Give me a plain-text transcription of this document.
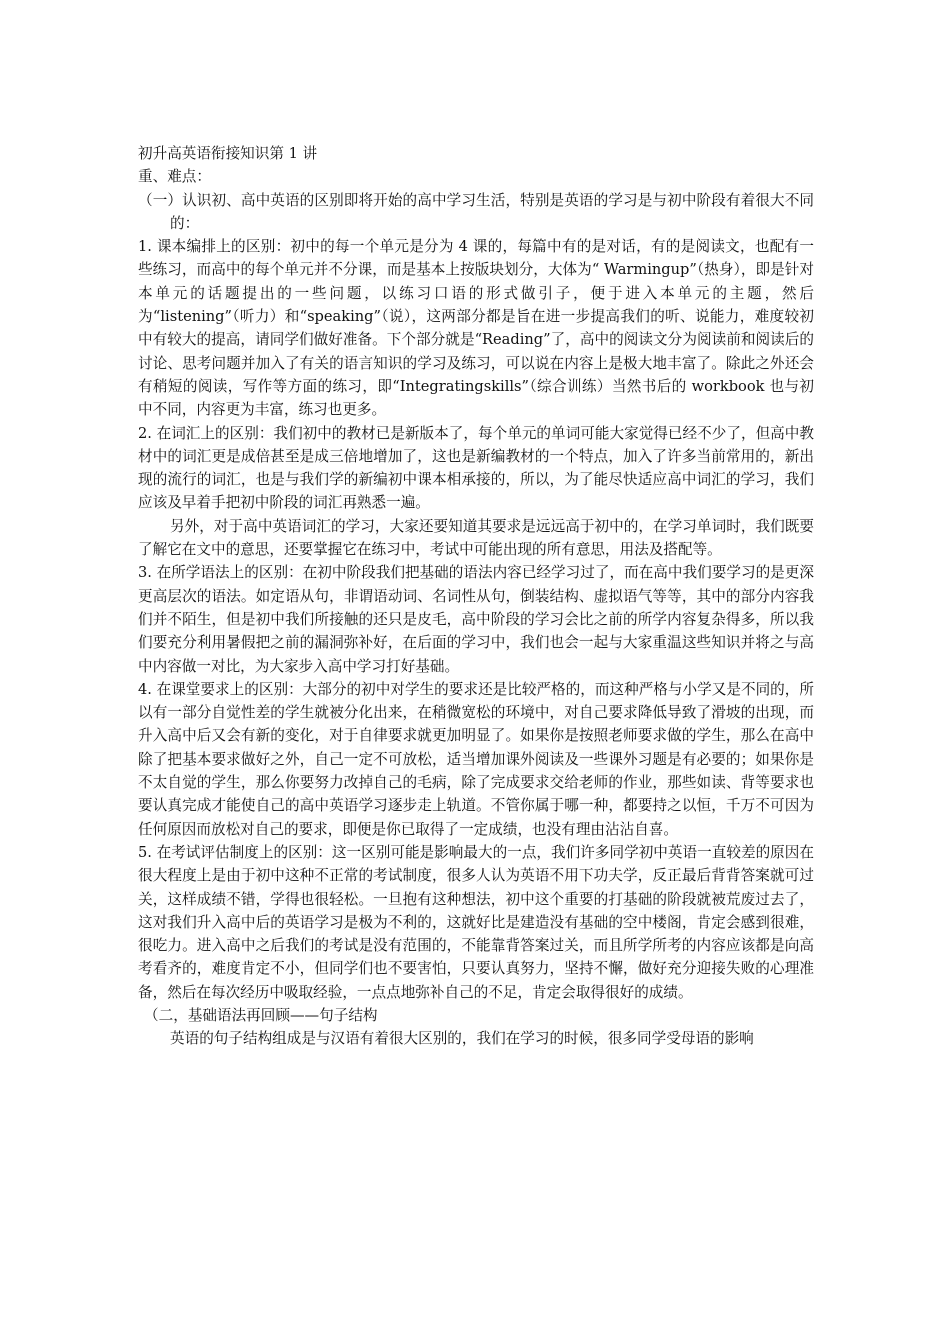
初升高英语衔接知识第 1 讲

重、难点：

（一）认识初、高中英语的区别即将开始的高中学习生活，特别是英语的学习是与初中阶段有着很大不同的：

1. 课本编排上的区别：初中的每一个单元是分为 4 课的，每篇中有的是对话，有的是阅读文，也配有一些练习，而高中的每个单元并不分课，而是基本上按版块划分，大体为“ Warmingup”（热身），即是针对本单元的话题提出的一些问题，以练习口语的形式做引子，便于进入本单元的主题，然后为“listening”（听力）和“speaking”（说），这两部分都是旨在进一步提高我们的听、说能力，难度较初中有较大的提高，请同学们做好准备。下个部分就是“Reading”了，高中的阅读文分为阅读前和阅读后的讨论、思考问题并加入了有关的语言知识的学习及练习，可以说在内容上是极大地丰富了。除此之外还会有稍短的阅读，写作等方面的练习，即“Integratingskills”（综合训练）当然书后的 workbook 也与初中不同，内容更为丰富，练习也更多。

2. 在词汇上的区别：我们初中的教材已是新版本了，每个单元的单词可能大家觉得已经不少了，但高中教材中的词汇更是成倍甚至是成三倍地增加了，这也是新编教材的一个特点，加入了许多当前常用的，新出现的流行的词汇，也是与我们学的新编初中课本相承接的，所以，为了能尽快适应高中词汇的学习，我们应该及早着手把初中阶段的词汇再熟悉一遍。

另外，对于高中英语词汇的学习，大家还要知道其要求是远远高于初中的，在学习单词时，我们既要了解它在文中的意思，还要掌握它在练习中，考试中可能出现的所有意思，用法及搭配等。

3. 在所学语法上的区别：在初中阶段我们把基础的语法内容已经学习过了，而在高中我们要学习的是更深更高层次的语法。如定语从句，非谓语动词、名词性从句，倒装结构、虚拟语气等等，其中的部分内容我们并不陌生，但是初中我们所接触的还只是皮毛，高中阶段的学习会比之前的所学内容复杂得多，所以我们要充分利用暑假把之前的漏洞弥补好，在后面的学习中，我们也会一起与大家重温这些知识并将之与高中内容做一对比，为大家步入高中学习打好基础。

4. 在课堂要求上的区别：大部分的初中对学生的要求还是比较严格的，而这种严格与小学又是不同的，所以有一部分自觉性差的学生就被分化出来，在稍微宽松的环境中，对自己要求降低导致了滑坡的出现，而升入高中后又会有新的变化，对于自律要求就更加明显了。如果你是按照老师要求做的学生，那么在高中除了把基本要求做好之外，自己一定不可放松，适当增加课外阅读及一些课外习题是有必要的；如果你是不太自觉的学生，那么你要努力改掉自己的毛病，除了完成要求交给老师的作业，那些如读、背等要求也要认真完成才能使自己的高中英语学习逐步走上轨道。不管你属于哪一种，都要持之以恒，千万不可因为任何原因而放松对自己的要求，即便是你已取得了一定成绩，也没有理由沾沾自喜。

5. 在考试评估制度上的区别：这一区别可能是影响最大的一点，我们许多同学初中英语一直较差的原因在很大程度上是由于初中这种不正常的考试制度，很多人认为英语不用下功夫学，反正最后背背答案就可过关，这样成绩不错，学得也很轻松。一旦抱有这种想法，初中这个重要的打基础的阶段就被荒废过去了，这对我们升入高中后的英语学习是极为不利的，这就好比是建造没有基础的空中楼阁，肯定会感到很难，很吃力。进入高中之后我们的考试是没有范围的，不能靠背答案过关，而且所学所考的内容应该都是向高考看齐的，难度肯定不小，但同学们也不要害怕，只要认真努力，坚持不懈，做好充分迎接失败的心理准备，然后在每次经历中吸取经验，一点点地弥补自己的不足，肯定会取得很好的成绩。

（二，基础语法再回顾——句子结构

英语的句子结构组成是与汉语有着很大区别的，我们在学习的时候，很多同学受母语的影响
